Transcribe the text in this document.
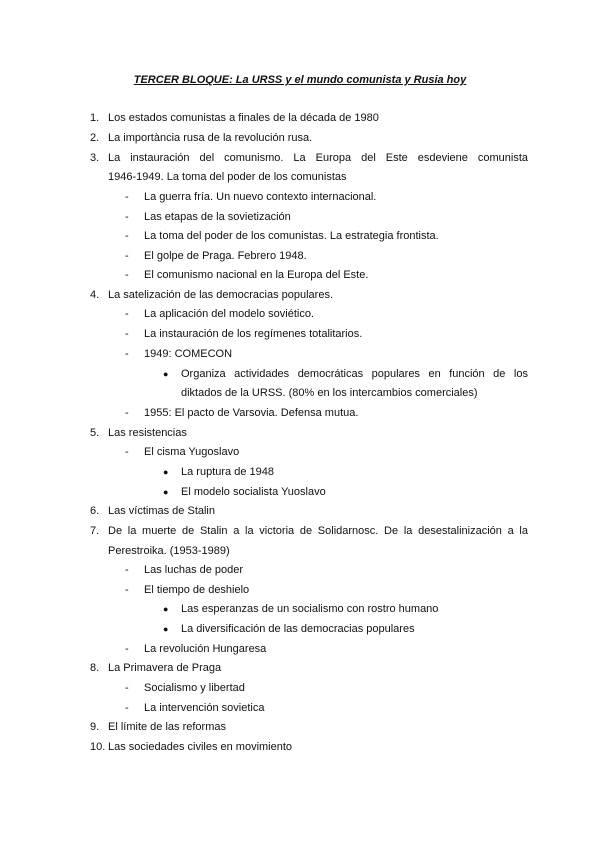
TERCER BLOQUE: La URSS y el mundo comunista y Rusia hoy
1. Los estados comunistas a finales de la década de 1980
2. La importància rusa de la revolución rusa.
3. La instauración del comunismo. La Europa del Este esdeviene comunista
1946-1949. La toma del poder de los comunistas
- La guerra fría. Un nuevo contexto internacional.
- Las etapas de la sovietización
- La toma del poder de los comunistas. La estrategia frontista.
- El golpe de Praga. Febrero 1948.
- El comunismo nacional en la Europa del Este.
4. La satelización de las democracias populares.
- La aplicación del modelo soviético.
- La instauración de los regímenes totalitarios.
- 1949: COMECON
● Organiza actividades democráticas populares en función de los
diktados de la URSS. (80% en los intercambios comerciales)
- 1955: El pacto de Varsovia. Defensa mutua.
5. Las resistencias
- El cisma Yugoslavo
● La ruptura de 1948
● El modelo socialista Yuoslavo
6. Las víctimas de Stalin
7. De la muerte de Stalin a la victoria de Solidarnosc. De la desestalinización a la
Perestroika. (1953-1989)
- Las luchas de poder
- El tiempo de deshielo
● Las esperanzas de un socialismo con rostro humano
● La diversificación de las democracias populares
- La revolución Hungaresa
8. La Primavera de Praga
- Socialismo y libertad
- La intervención sovietica
9. El límite de las reformas
10. Las sociedades civiles en movimiento
